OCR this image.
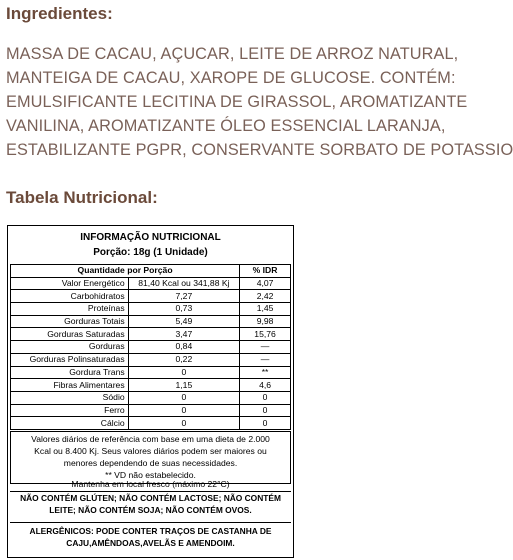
Ingredientes:
MASSA DE CACAU, AÇUCAR, LEITE DE ARROZ NATURAL,
MANTEIGA DE CACAU, XAROPE DE GLUCOSE. CONTÉM:
EMULSIFICANTE LECITINA DE GIRASSOL, AROMATIZANTE
VANILINA, AROMATIZANTE ÓLEO ESSENCIAL LARANJA,
ESTABILIZANTE PGPR, CONSERVANTE SORBATO DE POTASSIO
Tabela Nutricional:
INFORMAÇÃO NUTRICIONAL
Porção: 18g (1 Unidade)
Quantidade por Porção		% IDR
Valor Energético	81,40 Kcal ou 341,88 Kj	4,07
Carbohidratos	7,27	2,42
Proteínas	0,73	1,45
Gorduras Totais	5,49	9,98
Gorduras Saturadas	3,47	15,76
Gorduras	0,84	—
Gorduras Polinsaturadas	0,22	—
Gordura Trans	0	**
Fibras Alimentares	1,15	4,6
Sódio	0	0
Ferro	0	0
Cálcio	0	0
Valores diários de referência com base em uma dieta de 2.000
Kcal ou 8.400 Kj. Seus valores diários podem ser maiores ou
menores dependendo de suas necessidades.
** VD não estabelecido.
Mantenha em local fresco (máximo 22°C)
NÃO CONTÉM GLÚTEN; NÃO CONTÉM LACTOSE; NÃO CONTÉM
LEITE; NÃO CONTÉM SOJA; NÃO CONTÉM OVOS.
ALERGÊNICOS: PODE CONTER TRAÇOS DE CASTANHA DE
CAJU,AMÊNDOAS,AVELÃS E AMENDOIM.
